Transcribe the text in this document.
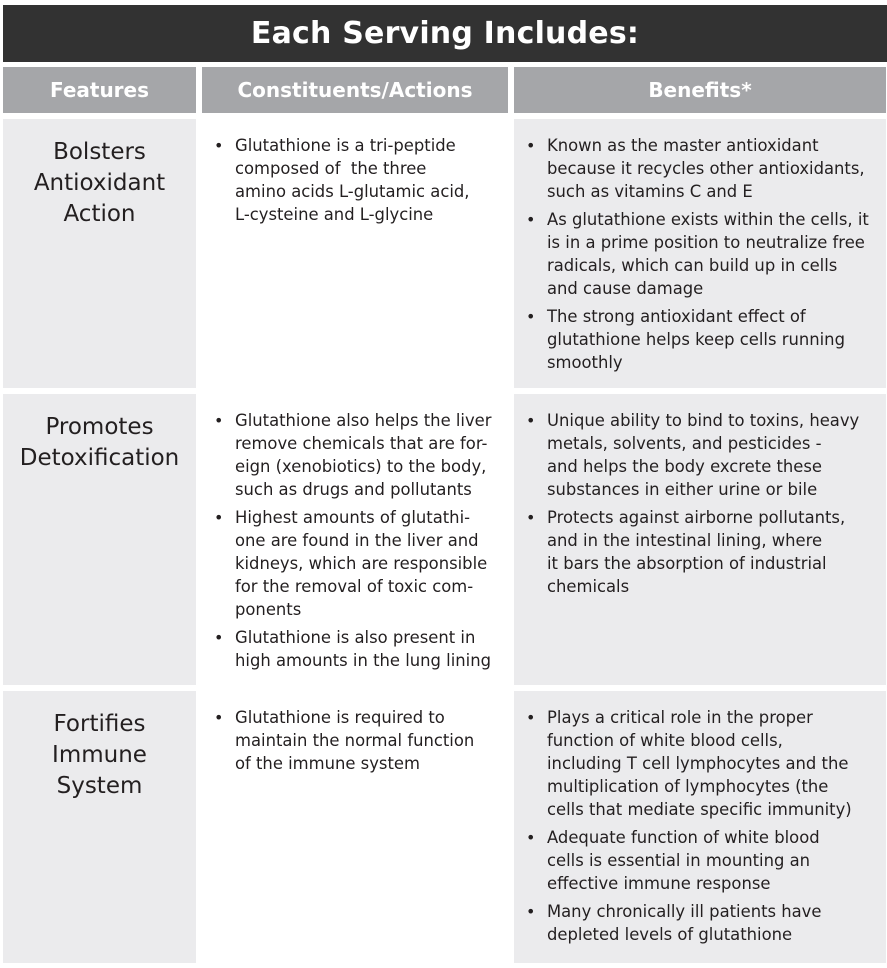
Each Serving Includes:
Features	Constituents/Actions	Benefits*
Bolsters
Antioxidant
Action
• Glutathione is a tri-peptide
composed of  the three
amino acids L-glutamic acid,
L-cysteine and L-glycine
• Known as the master antioxidant
because it recycles other antioxidants,
such as vitamins C and E
• As glutathione exists within the cells, it
is in a prime position to neutralize free
radicals, which can build up in cells
and cause damage
• The strong antioxidant effect of
glutathione helps keep cells running
smoothly
Promotes
Detoxification
• Glutathione also helps the liver
remove chemicals that are for-
eign (xenobiotics) to the body,
such as drugs and pollutants
• Highest amounts of glutathi-
one are found in the liver and
kidneys, which are responsible
for the removal of toxic com-
ponents
• Glutathione is also present in
high amounts in the lung lining
• Unique ability to bind to toxins, heavy
metals, solvents, and pesticides -
and helps the body excrete these
substances in either urine or bile
• Protects against airborne pollutants,
and in the intestinal lining, where
it bars the absorption of industrial
chemicals
Fortifies
Immune
System
• Glutathione is required to
maintain the normal function
of the immune system
• Plays a critical role in the proper
function of white blood cells,
including T cell lymphocytes and the
multiplication of lymphocytes (the
cells that mediate specific immunity)
• Adequate function of white blood
cells is essential in mounting an
effective immune response
• Many chronically ill patients have
depleted levels of glutathione
